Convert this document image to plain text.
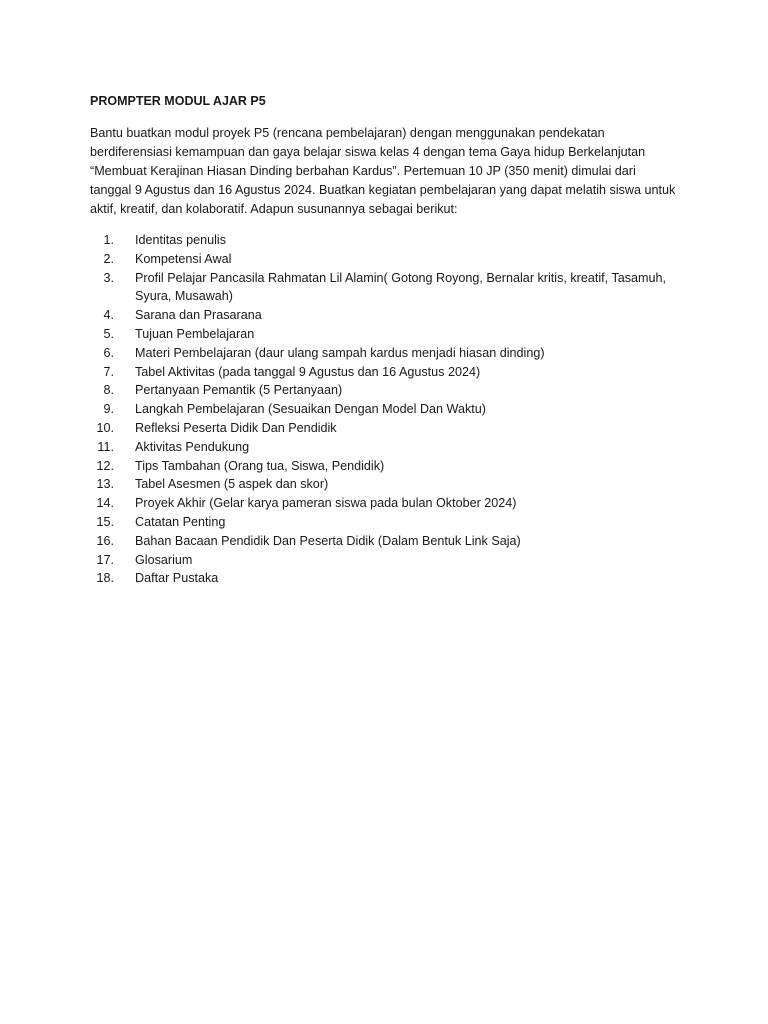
PROMPTER MODUL AJAR P5

Bantu buatkan modul proyek P5 (rencana pembelajaran) dengan menggunakan pendekatan berdiferensiasi kemampuan dan gaya belajar siswa kelas 4 dengan tema Gaya hidup Berkelanjutan “Membuat Kerajinan Hiasan Dinding berbahan Kardus”. Pertemuan 10 JP (350 menit) dimulai dari tanggal 9 Agustus dan 16 Agustus 2024. Buatkan kegiatan pembelajaran yang dapat melatih siswa untuk aktif, kreatif, dan kolaboratif. Adapun susunannya sebagai berikut:

1.	Identitas penulis
2.	Kompetensi Awal
3.	Profil Pelajar Pancasila Rahmatan Lil Alamin( Gotong Royong, Bernalar kritis, kreatif, Tasamuh, Syura, Musawah)
4.	Sarana dan Prasarana
5.	Tujuan Pembelajaran
6.	Materi Pembelajaran (daur ulang sampah kardus menjadi hiasan dinding)
7.	Tabel Aktivitas (pada tanggal 9 Agustus dan 16 Agustus 2024)
8.	Pertanyaan Pemantik (5 Pertanyaan)
9.	Langkah Pembelajaran (Sesuaikan Dengan Model Dan Waktu)
10.	Refleksi Peserta Didik Dan Pendidik
11.	Aktivitas Pendukung
12.	Tips Tambahan (Orang tua, Siswa, Pendidik)
13.	Tabel Asesmen (5 aspek dan skor)
14.	Proyek Akhir (Gelar karya pameran siswa pada bulan Oktober 2024)
15.	Catatan Penting
16.	Bahan Bacaan Pendidik Dan Peserta Didik (Dalam Bentuk Link Saja)
17.	Glosarium
18.	Daftar Pustaka
